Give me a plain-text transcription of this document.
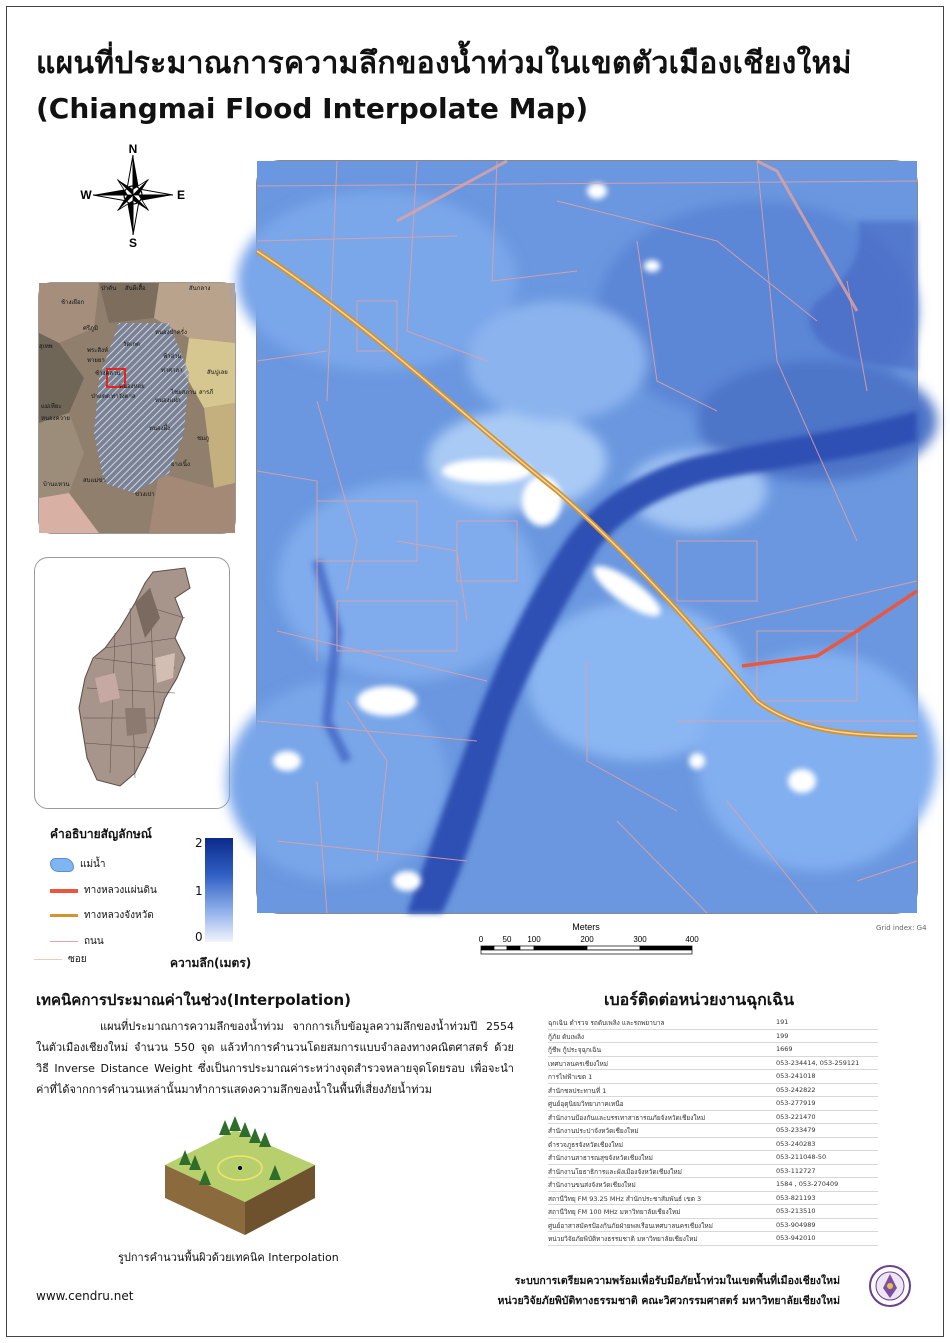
แผนที่ประมาณการความลึกของน้ำท่วมในเขตตัวเมืองเชียงใหม่
(Chiangmai Flood Interpolate Map)
N
S
E
W
ช้างเผือก
ศรีภูมิ
พระสิงห์
สุเทพ
หายยา
ช้างคลาน
หนองหอย
วัดเกต
ท่าศาลา
หนองป่าครั่ง
ฟ้าฮ่าม
ป่าตัน สันผีเสื้อ
ท่าวังตาล
แม่เหียะ
ป่าแดด
หนองแฝก
สันกลาง
ยางเนิ้ง
สารภี
ชมภู
หนองผึ้ง
บ้านแหวน
หนองควาย
สบแม่ข่า
ข่วงเปา
สันปูเลย
ไชยสถาน
คำอธิบายสัญลักษณ์
แม่น้ำ
ทางหลวงแผ่นดิน
ทางหลวงจังหวัด
ถนน
ซอย
2
1
0
ความลึก(เมตร)
Meters
0 50 100	200	300	400
Grid index: G4
เทคนิคการประมาณค่าในช่วง(Interpolation)

แผนที่ประมาณการความลึกของน้ำท่วม จากการเก็บข้อมูลความลึกของน้ำท่วมปี 2554 ในตัวเมืองเชียงใหม่ จำนวน 550 จุด แล้วทำการคำนวนโดยสมการแบบจำลองทางคณิตศาสตร์ ด้วยวิธี Inverse Distance Weight ซึ่งเป็นการประมาณค่าระหว่างจุดสำรวจหลายจุดโดยรอบ เพื่อจะนำค่าที่ได้จากการคำนวนเหล่านั้นมาทำการแสดงความลึกของน้ำในพื้นที่เสี่ยงภัยน้ำท่วม

รูปการคำนวนพื้นผิวด้วยเทคนิค Interpolation
www.cendru.net
เบอร์ติดต่อหน่วยงานฉุกเฉิน
ฉุกเฉิน ตำรวจ รถดับเพลิง และรถพยาบาล	191
กู้ภัย ดับเพลิง	199
กู้ชีพ กู้ประจุฉุกเฉิน	1669
เทศบาลนครเชียงใหม่	053-234414, 053-259121
การไฟฟ้าเขต 1	053-241018
สำนักชลประทานที่ 1	053-242822
ศูนย์อุตุนิยมวิทยาภาคเหนือ	053-277919
สำนักงานป้องกันและบรรเทาสาธารณภัยจังหวัดเชียงใหม่	053-221470
สำนักงานประปาจังหวัดเชียงใหม่	053-233479
ตำรวจภูธรจังหวัดเชียงใหม่	053-240283
สำนักงานสาธารณสุขจังหวัดเชียงใหม่	053-211048-50
สำนักงานโยธาธิการและผังเมืองจังหวัดเชียงใหม่	053-112727
สำนักงานขนส่งจังหวัดเชียงใหม่	1584 , 053-270409
สถานีวิทยุ FM 93.25 MHz สำนักประชาสัมพันธ์ เขต 3	053-821193
สถานีวิทยุ FM 100 MHz มหาวิทยาลัยเชียงใหม่	053-213510
ศูนย์อาสาสมัครป้องกันภัยฝ่ายพลเรือนเทศบาลนครเชียงใหม่	053-904989
หน่วยวิจัยภัยพิบัติทางธรรมชาติ มหาวิทยาลัยเชียงใหม่	053-942010
ระบบการเตรียมความพร้อมเพื่อรับมือภัยน้ำท่วมในเขตพื้นที่เมืองเชียงใหม่
หน่วยวิจัยภัยพิบัติทางธรรมชาติ คณะวิศวกรรมศาสตร์ มหาวิทยาลัยเชียงใหม่
